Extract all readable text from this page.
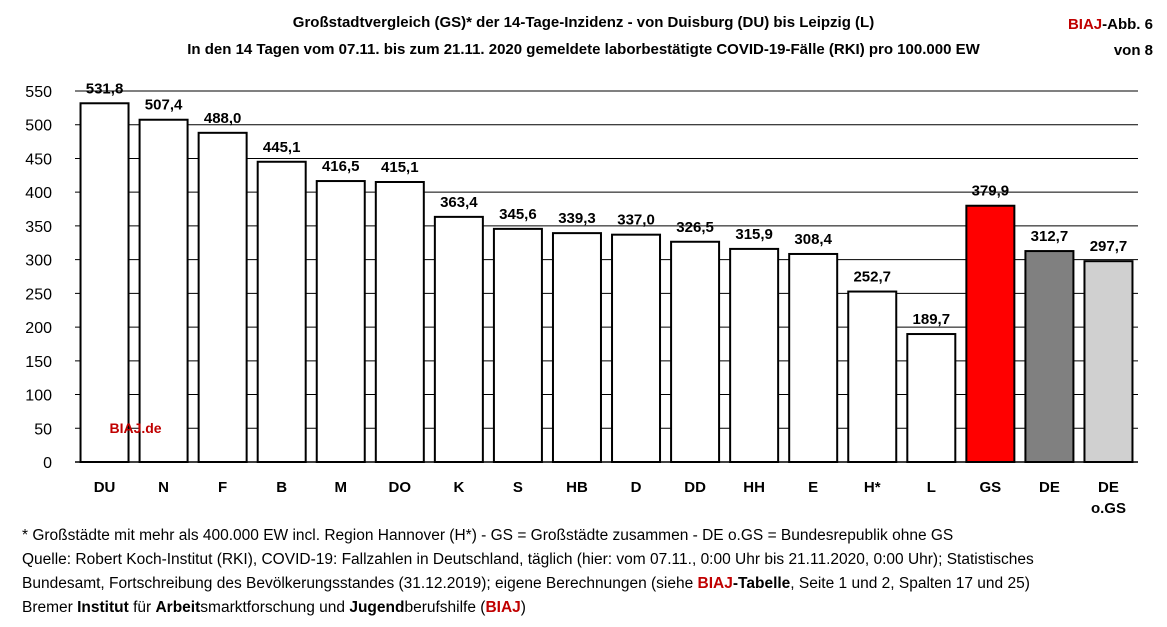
Großstadtvergleich (GS)* der 14-Tage-Inzidenz - von Duisburg (DU) bis Leipzig (L)
In den 14 Tagen vom 07.11. bis zum 21.11. 2020 gemeldete laborbestätigte COVID-19-Fälle (RKI) pro 100.000 EW
BIAJ-Abb. 6
von 8
0
50
100
150
200
250
300
350
400
450
500
550 531,8
DU
507,4
N
488,0
F
445,1
B
416,5
M
415,1
DO
363,4
K
345,6
S
339,3
HB
337,0
D
326,5
DD
315,9
HH
308,4
E
252,7
H*
189,7
L
379,9
GS
312,7
DE
297,7
DE
o.GS
BIAJ.de
* Großstädte mit mehr als 400.000 EW incl. Region Hannover (H*) - GS = Großstädte zusammen - DE o.GS = Bundesrepublik ohne GS
Quelle: Robert Koch-Institut (RKI), COVID-19: Fallzahlen in Deutschland, täglich (hier: vom 07.11., 0:00 Uhr bis 21.11.2020, 0:00 Uhr); Statistisches
Bundesamt, Fortschreibung des Bevölkerungsstandes (31.12.2019); eigene Berechnungen (siehe BIAJ-Tabelle, Seite 1 und 2, Spalten 17 und 25)
Bremer Institut für Arbeitsmarktforschung und Jugendberufshilfe (BIAJ)
